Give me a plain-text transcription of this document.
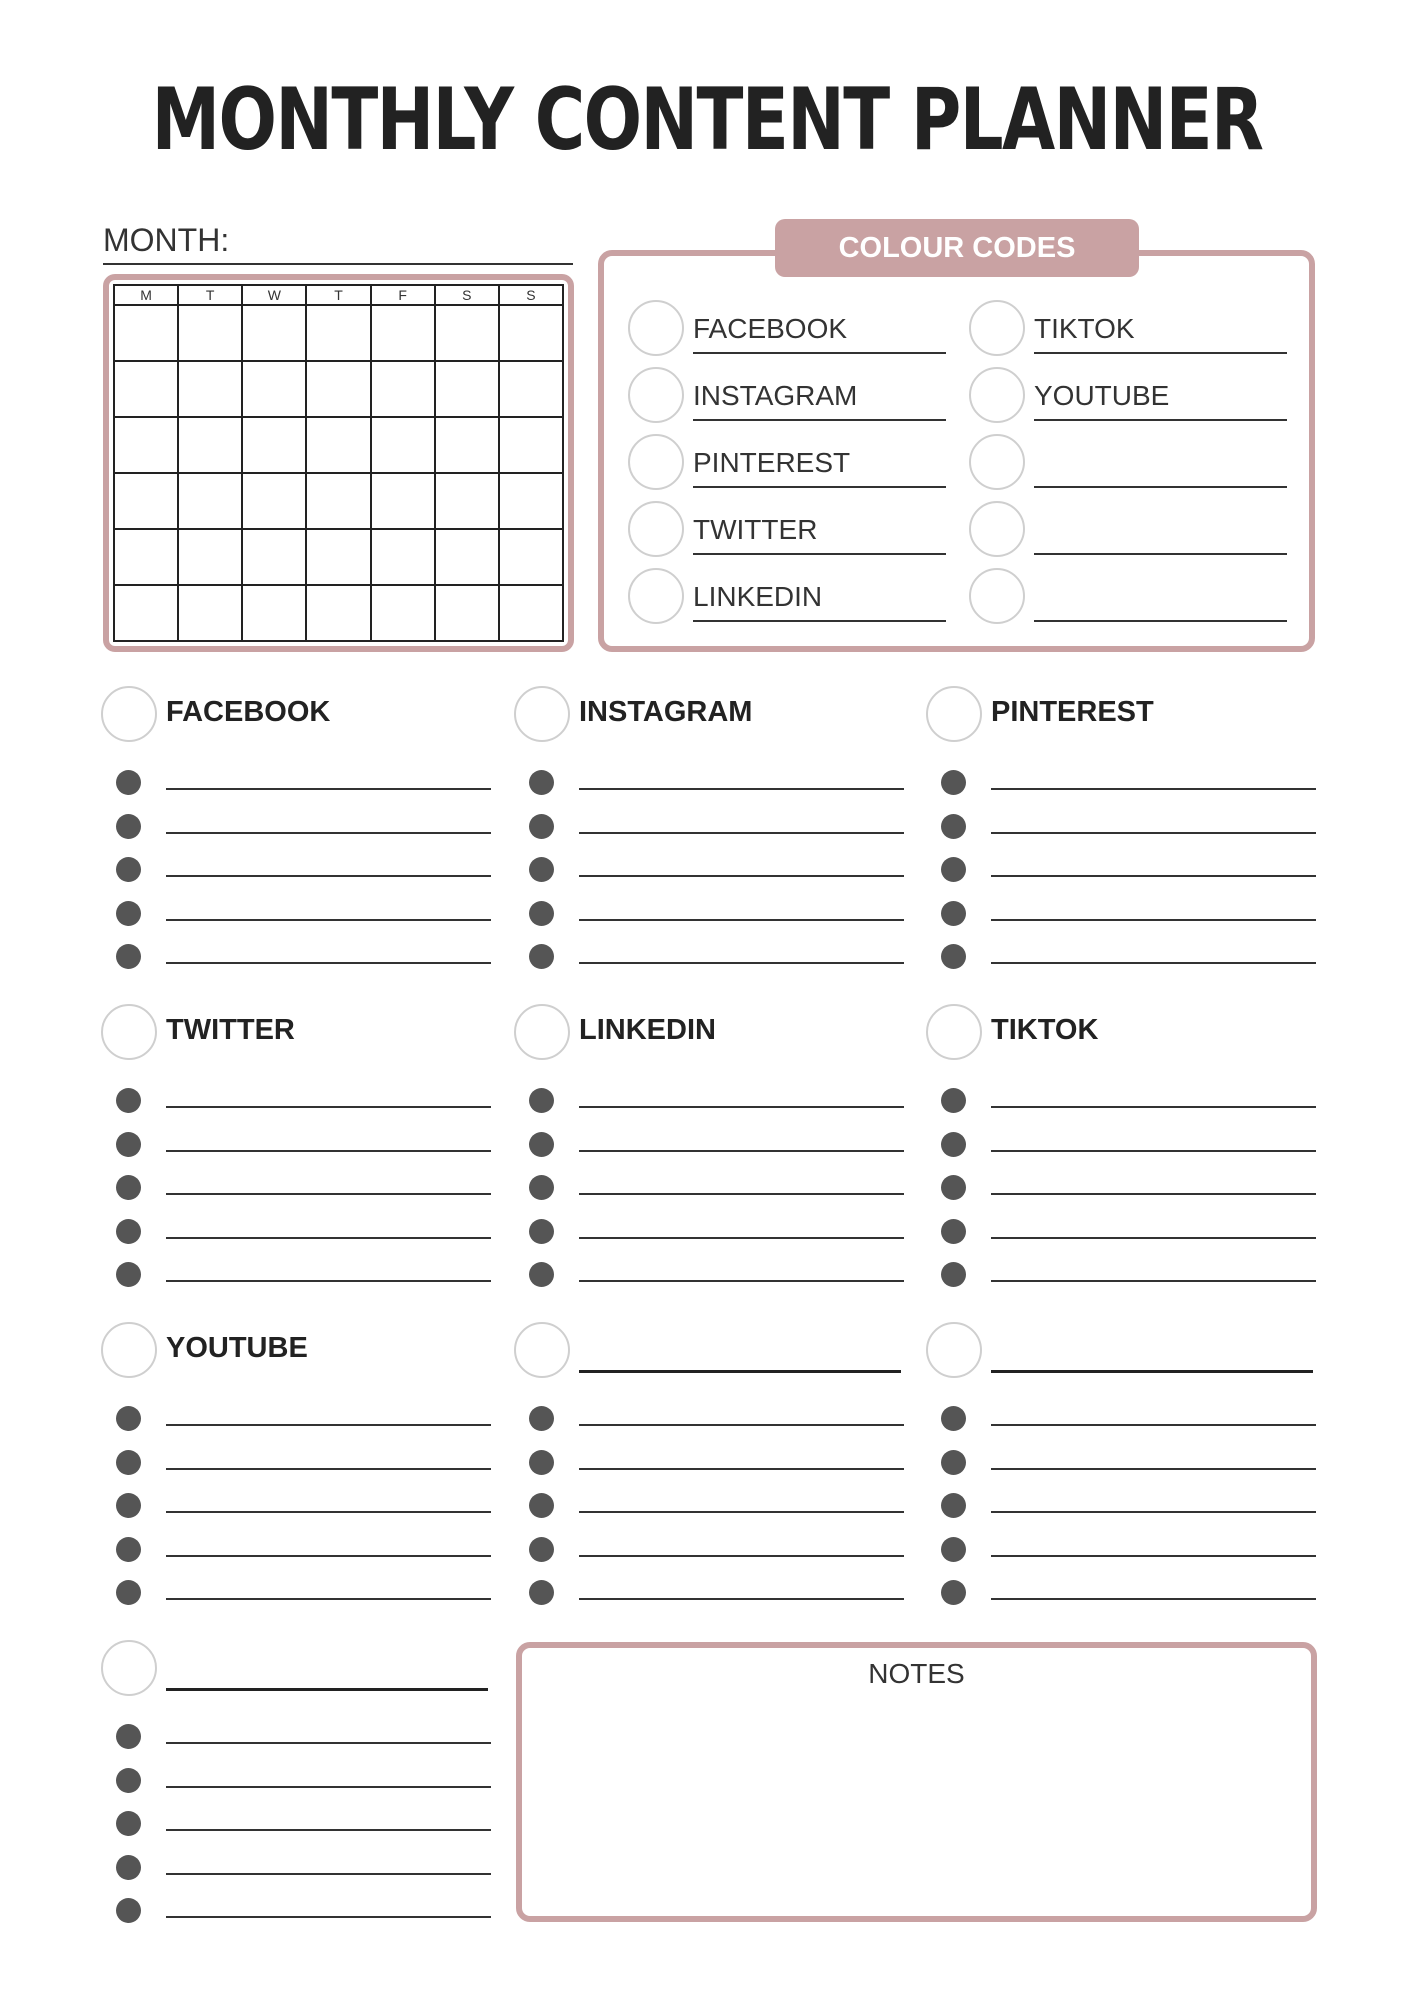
MONTHLY CONTENT PLANNER
MONTH:
M	T	W	T	F	S	S
FACEBOOK	TIKTOK
INSTAGRAM	YOUTUBE
PINTEREST
TWITTER
LINKEDIN
COLOUR CODES
FACEBOOK	INSTAGRAM	PINTEREST
TWITTER	LINKEDIN	TIKTOK
YOUTUBE
NOTES
